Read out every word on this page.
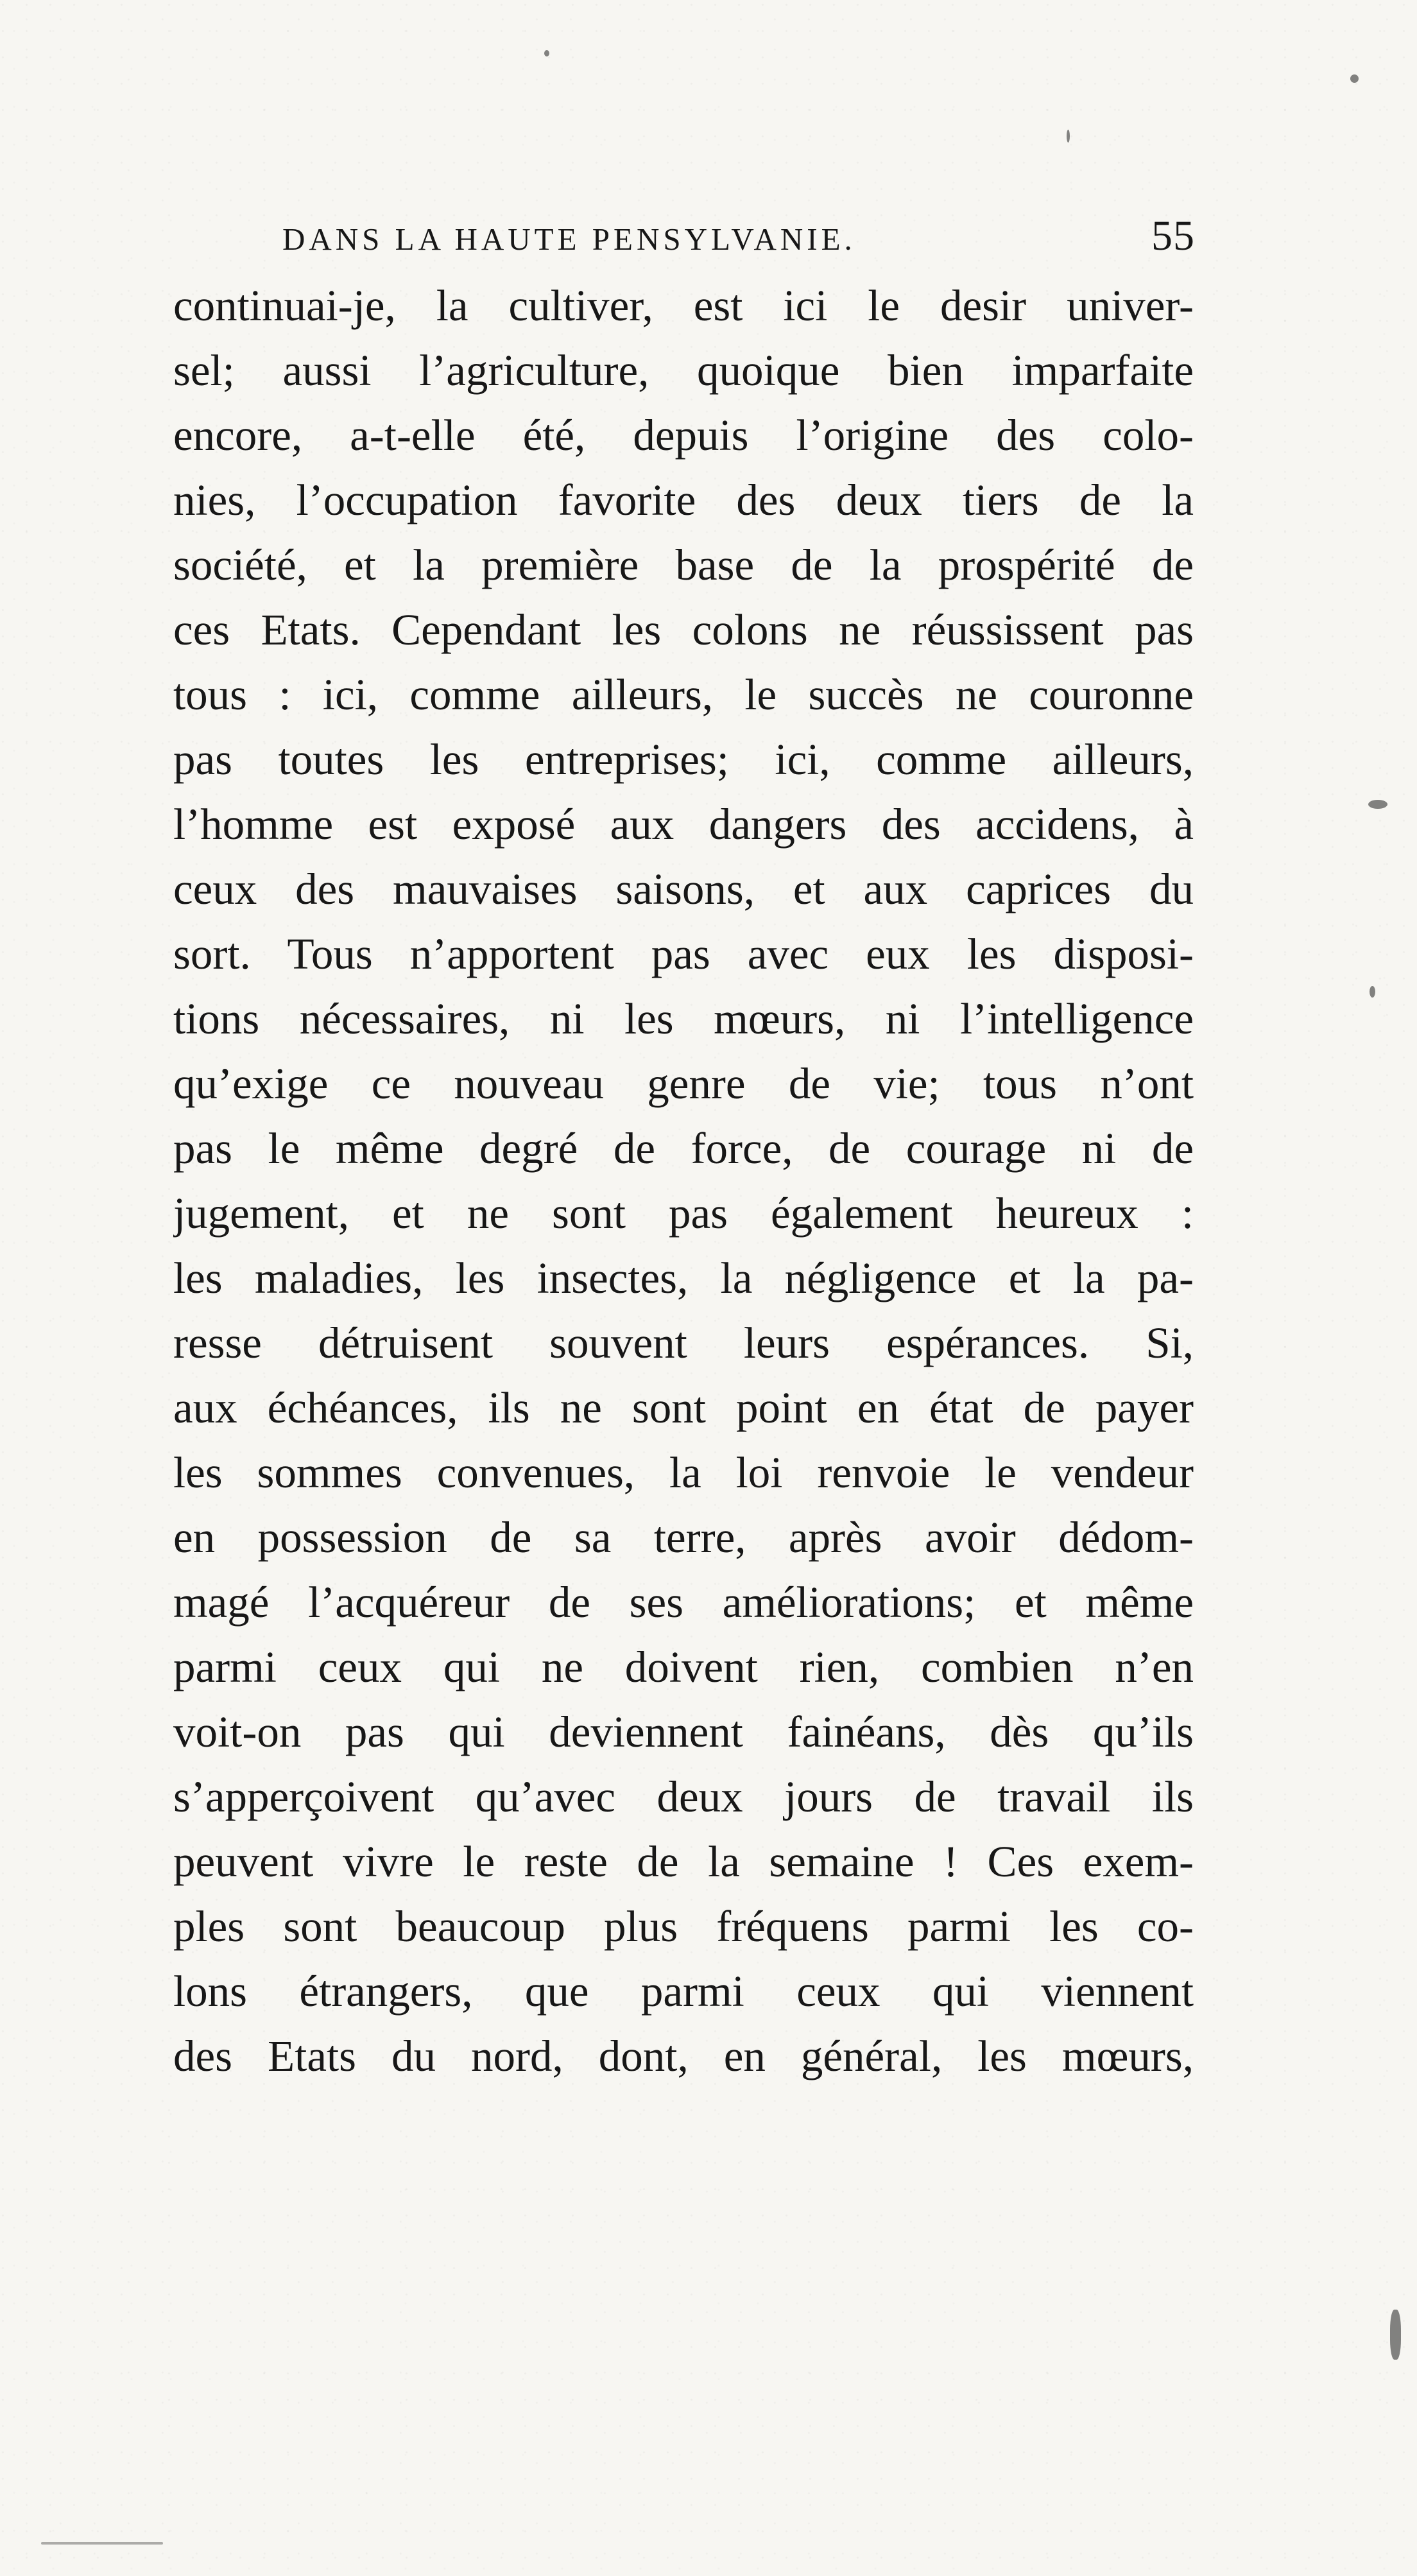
DANS LA HAUTE PENSYLVANIE.	55
continuai-je, la cultiver, est ici le desir univer-
sel; aussi l’agriculture, quoique bien imparfaite
encore, a-t-elle été, depuis l’origine des colo-
nies, l’occupation favorite des deux tiers de la
société, et la première base de la prospérité de
ces Etats. Cependant les colons ne réussissent pas
tous : ici, comme ailleurs, le succès ne couronne
pas toutes les entreprises; ici, comme ailleurs,
l’homme est exposé aux dangers des accidens, à
ceux des mauvaises saisons, et aux caprices du
sort. Tous n’apportent pas avec eux les disposi-
tions nécessaires, ni les mœurs, ni l’intelligence
qu’exige ce nouveau genre de vie; tous n’ont
pas le même degré de force, de courage ni de
jugement, et ne sont pas également heureux :
les maladies, les insectes, la négligence et la pa-
resse détruisent souvent leurs espérances. Si,
aux échéances, ils ne sont point en état de payer
les sommes convenues, la loi renvoie le vendeur
en possession de sa terre, après avoir dédom-
magé l’acquéreur de ses améliorations; et même
parmi ceux qui ne doivent rien, combien n’en
voit-on pas qui deviennent fainéans, dès qu’ils
s’apperçoivent qu’avec deux jours de travail ils
peuvent vivre le reste de la semaine ! Ces exem-
ples sont beaucoup plus fréquens parmi les co-
lons étrangers, que parmi ceux qui viennent
des Etats du nord, dont, en général, les mœurs,
